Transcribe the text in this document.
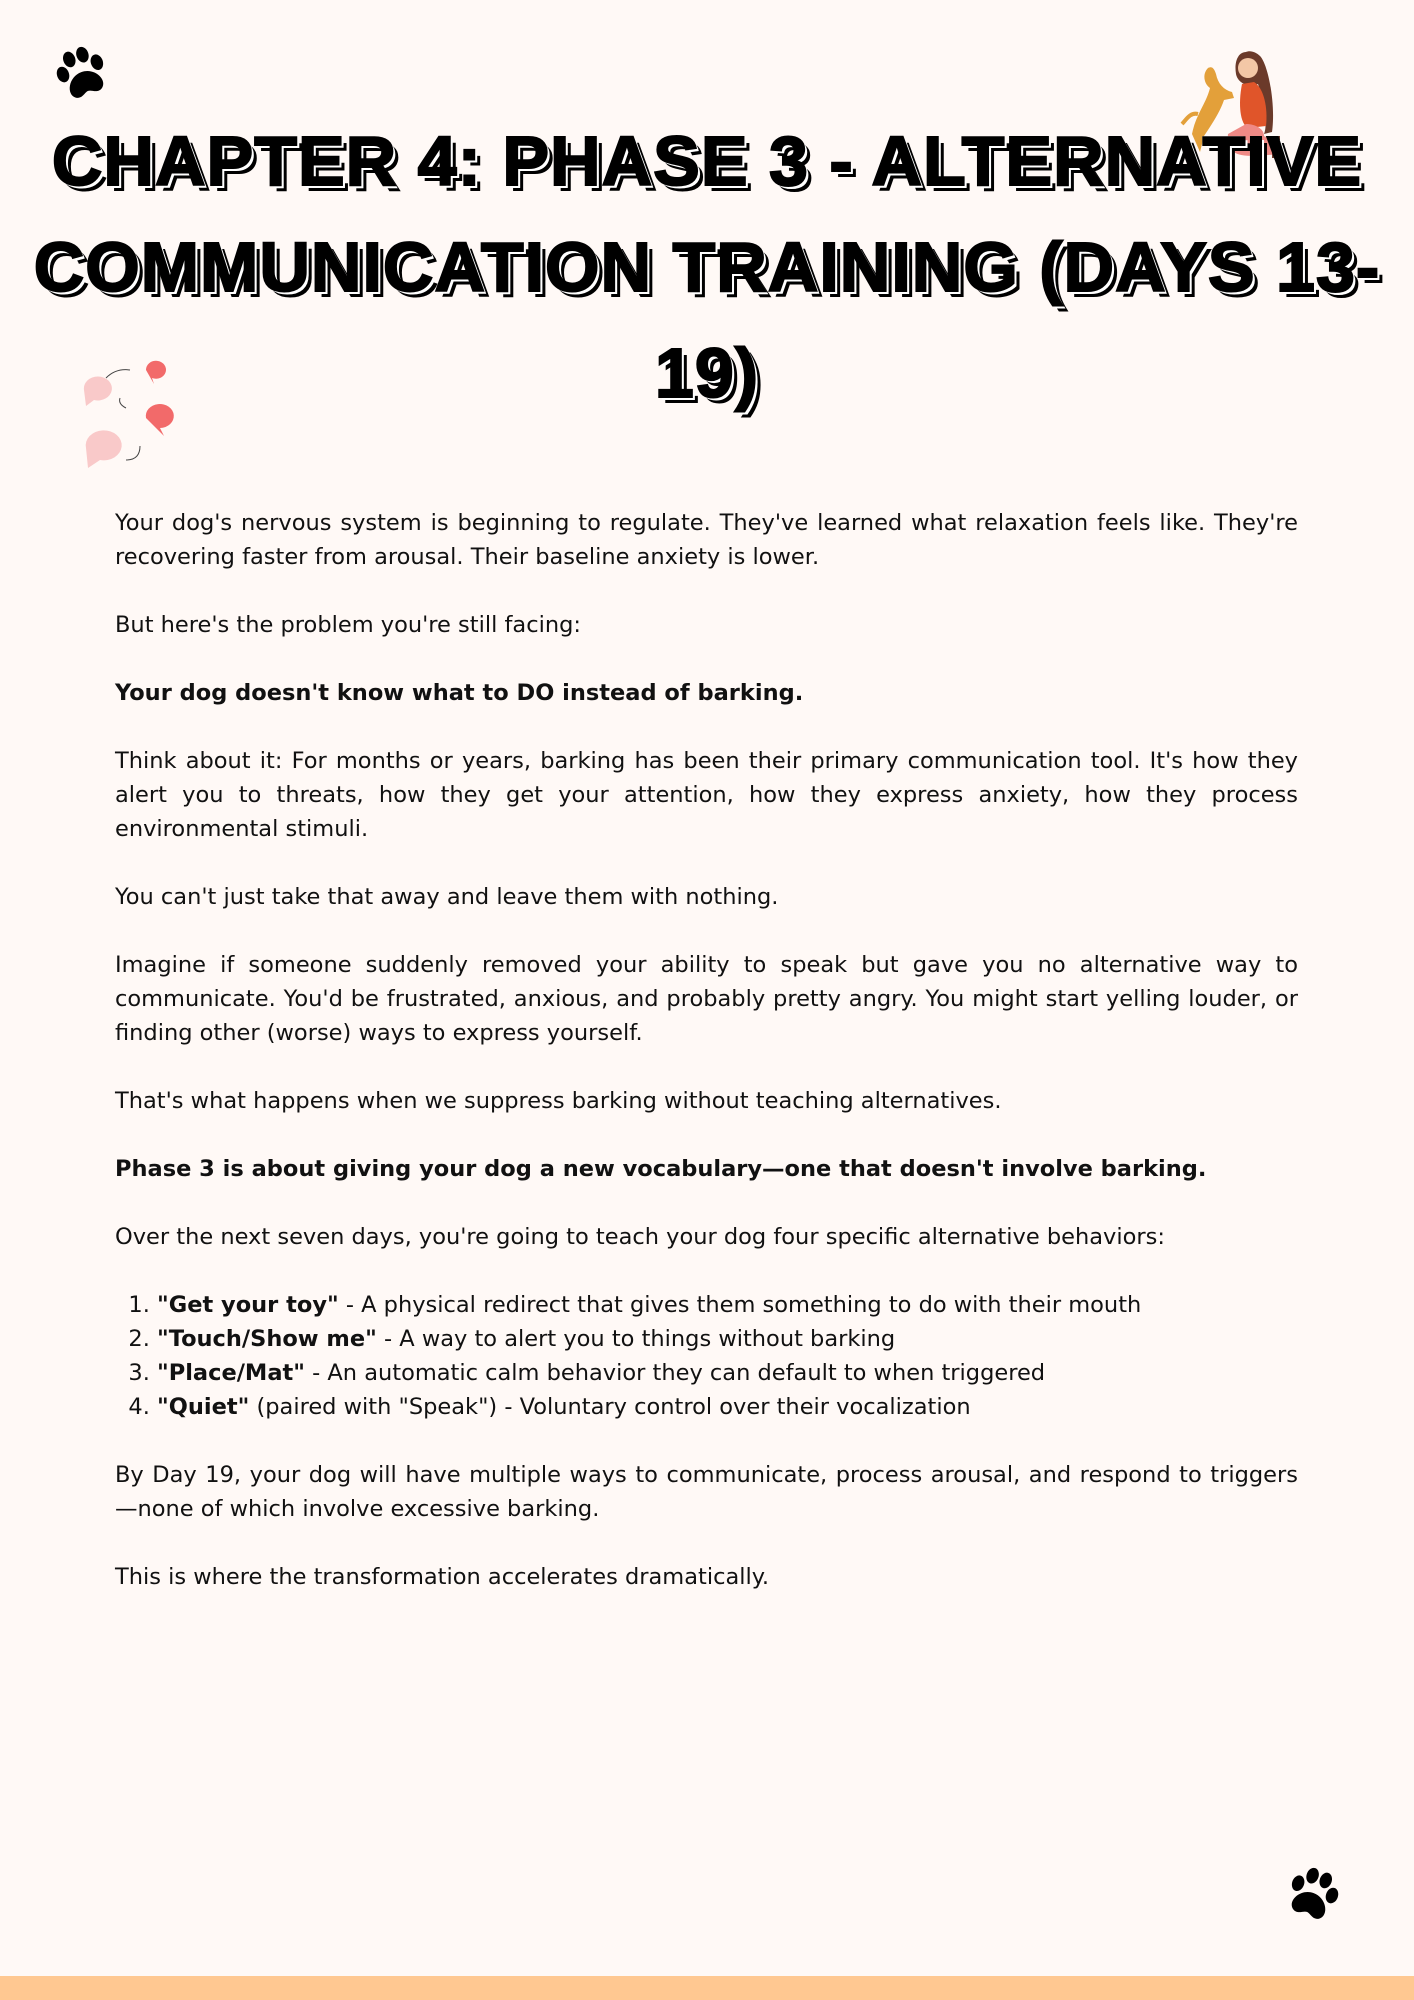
CHAPTER 4: PHASE 3 - ALTERNATIVE COMMUNICATION TRAINING (DAYS 13-19)

Your dog's nervous system is beginning to regulate. They've learned what relaxation feels like. They're recovering faster from arousal. Their baseline anxiety is lower.

But here's the problem you're still facing:

Your dog doesn't know what to DO instead of barking.

Think about it: For months or years, barking has been their primary communication tool. It's how they alert you to threats, how they get your attention, how they express anxiety, how they process environmental stimuli.

You can't just take that away and leave them with nothing.

Imagine if someone suddenly removed your ability to speak but gave you no alternative way to communicate. You'd be frustrated, anxious, and probably pretty angry. You might start yelling louder, or finding other (worse) ways to express yourself.

That's what happens when we suppress barking without teaching alternatives.

Phase 3 is about giving your dog a new vocabulary—one that doesn't involve barking.

Over the next seven days, you're going to teach your dog four specific alternative behaviors:

1. "Get your toy" - A physical redirect that gives them something to do with their mouth
2. "Touch/Show me" - A way to alert you to things without barking
3. "Place/Mat" - An automatic calm behavior they can default to when triggered
4. "Quiet" (paired with "Speak") - Voluntary control over their vocalization

By Day 19, your dog will have multiple ways to communicate, process arousal, and respond to triggers—none of which involve excessive barking.

This is where the transformation accelerates dramatically.
